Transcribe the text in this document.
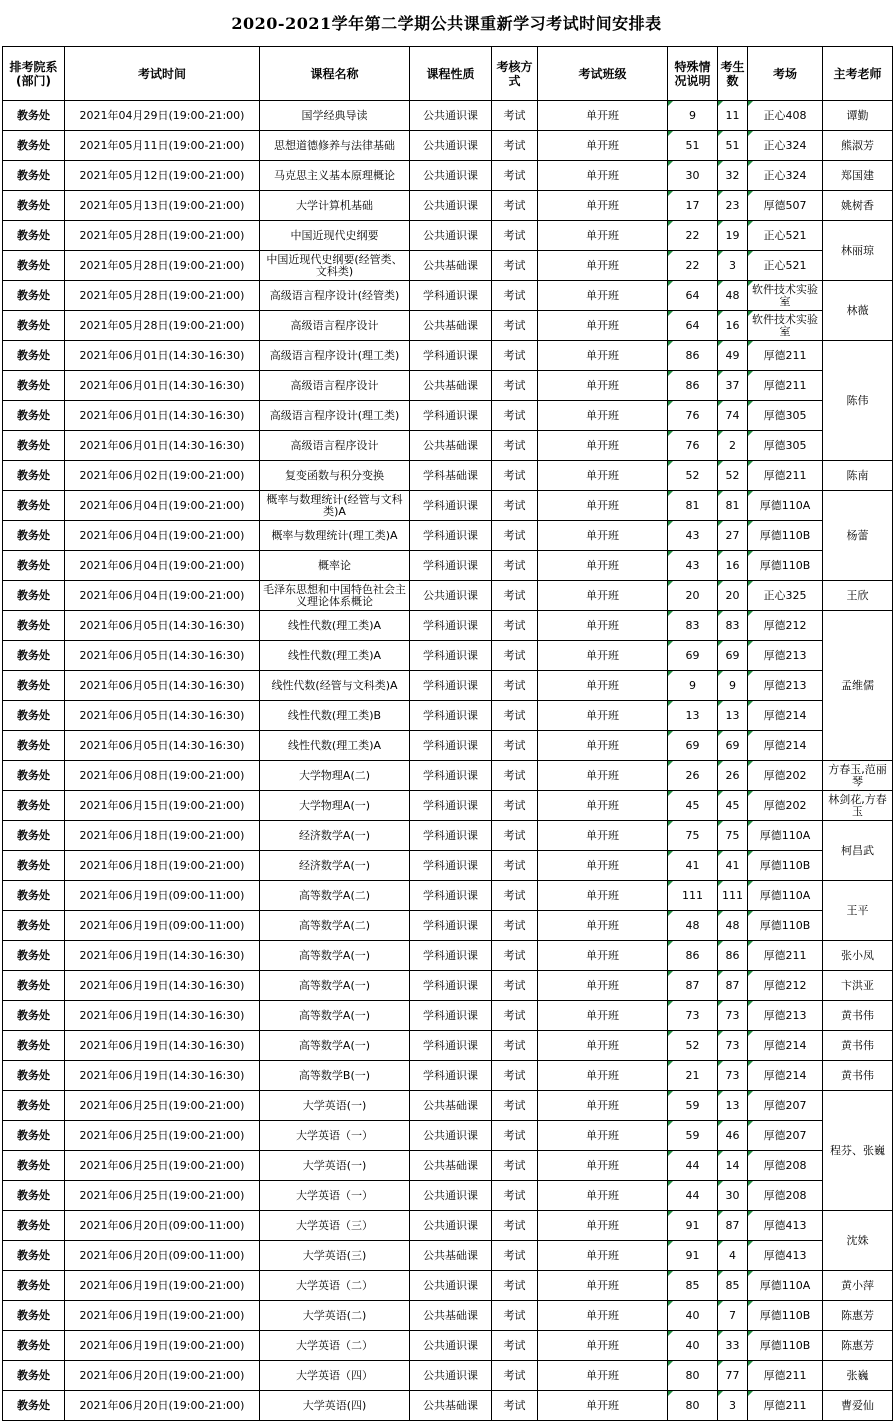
2020-2021学年第二学期公共课重新学习考试时间安排表
排考院系(部门)	考试时间	课程名称	课程性质	考核方式	考试班级	特殊情况说明	考生数	考场	主考老师
教务处	2021年04月29日(19:00-21:00)	国学经典导读	公共通识课	考试	单开班	9	11	正心408	谭勤
教务处	2021年05月11日(19:00-21:00)	思想道德修养与法律基础	公共通识课	考试	单开班	51	51	正心324	熊淑芳
教务处	2021年05月12日(19:00-21:00)	马克思主义基本原理概论	公共通识课	考试	单开班	30	32	正心324	郑国建
教务处	2021年05月13日(19:00-21:00)	大学计算机基础	公共通识课	考试	单开班	17	23	厚德507	姚树香
教务处	2021年05月28日(19:00-21:00)	中国近现代史纲要	公共通识课	考试	单开班	22	19	正心521	林丽琼
教务处	2021年05月28日(19:00-21:00)	中国近现代史纲要(经管类、文科类)	公共基础课	考试	单开班	22	3	正心521	
教务处	2021年05月28日(19:00-21:00)	高级语言程序设计(经管类)	学科通识课	考试	单开班	64	48	软件技术实验室	林薇
教务处	2021年05月28日(19:00-21:00)	高级语言程序设计	公共基础课	考试	单开班	64	16	软件技术实验室	
教务处	2021年06月01日(14:30-16:30)	高级语言程序设计(理工类)	学科通识课	考试	单开班	86	49	厚德211	陈伟
教务处	2021年06月01日(14:30-16:30)	高级语言程序设计	公共基础课	考试	单开班	86	37	厚德211	
教务处	2021年06月01日(14:30-16:30)	高级语言程序设计(理工类)	学科通识课	考试	单开班	76	74	厚德305	
教务处	2021年06月01日(14:30-16:30)	高级语言程序设计	公共基础课	考试	单开班	76	2	厚德305	
教务处	2021年06月02日(19:00-21:00)	复变函数与积分变换	学科基础课	考试	单开班	52	52	厚德211	陈南
教务处	2021年06月04日(19:00-21:00)	概率与数理统计(经管与文科类)A	学科通识课	考试	单开班	81	81	厚德110A	杨蕾
教务处	2021年06月04日(19:00-21:00)	概率与数理统计(理工类)A	学科通识课	考试	单开班	43	27	厚德110B	
教务处	2021年06月04日(19:00-21:00)	概率论	学科通识课	考试	单开班	43	16	厚德110B	
教务处	2021年06月04日(19:00-21:00)	毛泽东思想和中国特色社会主义理论体系概论	公共通识课	考试	单开班	20	20	正心325	王欣
教务处	2021年06月05日(14:30-16:30)	线性代数(理工类)A	学科通识课	考试	单开班	83	83	厚德212	孟维儒
教务处	2021年06月05日(14:30-16:30)	线性代数(理工类)A	学科通识课	考试	单开班	69	69	厚德213	
教务处	2021年06月05日(14:30-16:30)	线性代数(经管与文科类)A	学科通识课	考试	单开班	9	9	厚德213	
教务处	2021年06月05日(14:30-16:30)	线性代数(理工类)B	学科通识课	考试	单开班	13	13	厚德214	
教务处	2021年06月05日(14:30-16:30)	线性代数(理工类)A	学科通识课	考试	单开班	69	69	厚德214	
教务处	2021年06月08日(19:00-21:00)	大学物理A(二)	学科通识课	考试	单开班	26	26	厚德202	方春玉,范丽琴
教务处	2021年06月15日(19:00-21:00)	大学物理A(一)	学科通识课	考试	单开班	45	45	厚德202	林剑花,方春玉
教务处	2021年06月18日(19:00-21:00)	经济数学A(一)	学科通识课	考试	单开班	75	75	厚德110A	柯昌武
教务处	2021年06月18日(19:00-21:00)	经济数学A(一)	学科通识课	考试	单开班	41	41	厚德110B	
教务处	2021年06月19日(09:00-11:00)	高等数学A(二)	学科通识课	考试	单开班	111	111	厚德110A	王平
教务处	2021年06月19日(09:00-11:00)	高等数学A(二)	学科通识课	考试	单开班	48	48	厚德110B	
教务处	2021年06月19日(14:30-16:30)	高等数学A(一)	学科通识课	考试	单开班	86	86	厚德211	张小凤
教务处	2021年06月19日(14:30-16:30)	高等数学A(一)	学科通识课	考试	单开班	87	87	厚德212	卞洪亚
教务处	2021年06月19日(14:30-16:30)	高等数学A(一)	学科通识课	考试	单开班	73	73	厚德213	黄书伟
教务处	2021年06月19日(14:30-16:30)	高等数学A(一)	学科通识课	考试	单开班	52	73	厚德214	黄书伟
教务处	2021年06月19日(14:30-16:30)	高等数学B(一)	学科通识课	考试	单开班	21	73	厚德214	黄书伟
教务处	2021年06月25日(19:00-21:00)	大学英语(一)	公共基础课	考试	单开班	59	13	厚德207	程芬、张巍
教务处	2021年06月25日(19:00-21:00)	大学英语（一）	公共通识课	考试	单开班	59	46	厚德207	
教务处	2021年06月25日(19:00-21:00)	大学英语(一)	公共基础课	考试	单开班	44	14	厚德208	
教务处	2021年06月25日(19:00-21:00)	大学英语（一）	公共通识课	考试	单开班	44	30	厚德208	
教务处	2021年06月20日(09:00-11:00)	大学英语（三）	公共通识课	考试	单开班	91	87	厚德413	沈姝
教务处	2021年06月20日(09:00-11:00)	大学英语(三)	公共基础课	考试	单开班	91	4	厚德413	
教务处	2021年06月19日(19:00-21:00)	大学英语（二）	公共通识课	考试	单开班	85	85	厚德110A	黄小萍
教务处	2021年06月19日(19:00-21:00)	大学英语(二)	公共基础课	考试	单开班	40	7	厚德110B	陈惠芳
教务处	2021年06月19日(19:00-21:00)	大学英语（二）	公共通识课	考试	单开班	40	33	厚德110B	陈惠芳
教务处	2021年06月20日(19:00-21:00)	大学英语（四）	公共通识课	考试	单开班	80	77	厚德211	张巍
教务处	2021年06月20日(19:00-21:00)	大学英语(四)	公共基础课	考试	单开班	80	3	厚德211	曹爱仙
